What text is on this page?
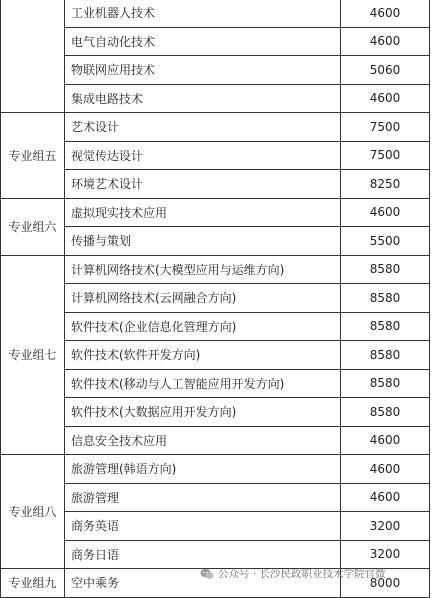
	工业机器人技术	4600
	电气自动化技术	4600
	物联网应用技术	5060
	集成电路技术	4600
专业组五	艺术设计	7500
	视觉传达设计	7500
	环境艺术设计	8250
专业组六	虚拟现实技术应用	4600
	传播与策划	5500
专业组七	计算机网络技术(大模型应用与运维方向)	8580
	计算机网络技术(云网融合方向)	8580
	软件技术(企业信息化管理方向)	8580
	软件技术(软件开发方向)	8580
	软件技术(移动与人工智能应用开发方向)	8580
	软件技术(大数据应用开发方向)	8580
	信息安全技术应用	4600
专业组八	旅游管理(韩语方向)	4600
	旅游管理	4600
	商务英语	3200
	商务日语	3200
专业组九	空中乘务	8000
公众号 · 长沙民政职业技术学院官微
